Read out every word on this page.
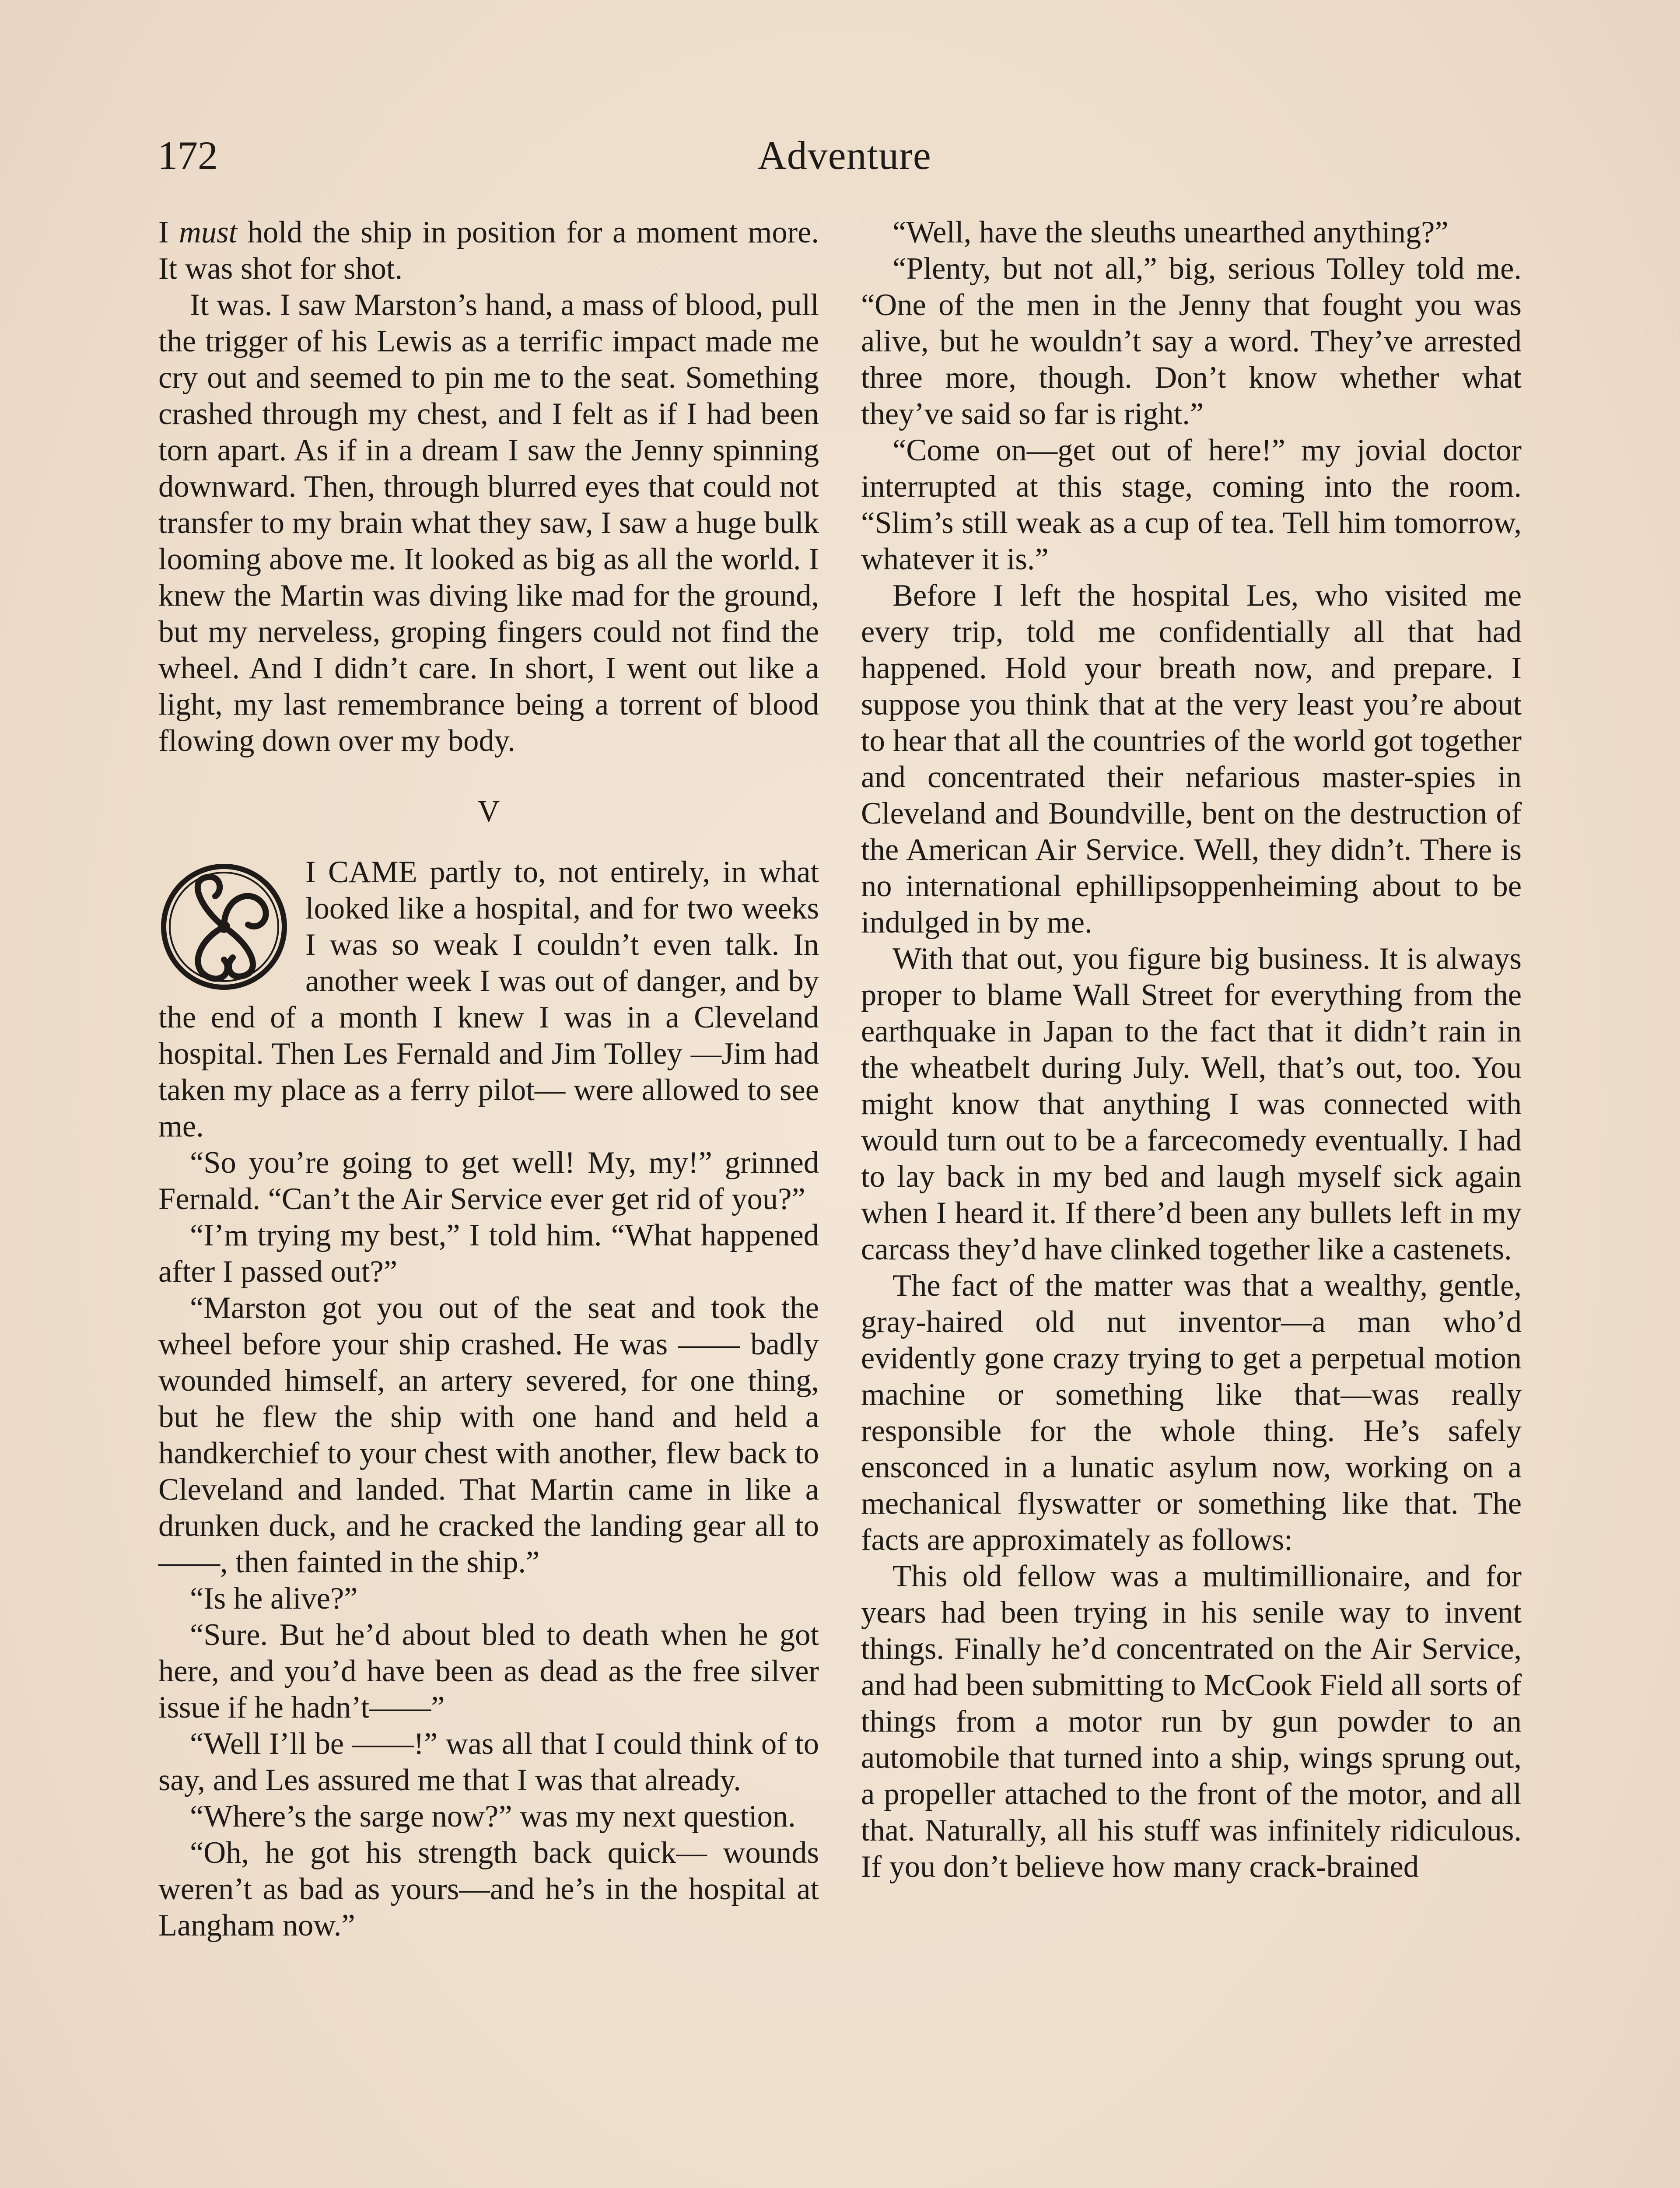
172	Adventure

I must hold the ship in position for a moment more. It was shot for shot.

It was. I saw Marston’s hand, a mass of blood, pull the trigger of his Lewis as a terrific impact made me cry out and seemed to pin me to the seat. Something crashed through my chest, and I felt as if I had been torn apart. As if in a dream I saw the Jenny spinning downward. Then, through blurred eyes that could not transfer to my brain what they saw, I saw a huge bulk looming above me. It looked as big as all the world. I knew the Martin was diving like mad for the ground, but my nerveless, groping fingers could not find the wheel. And I didn’t care. In short, I went out like a light, my last remembrance being a torrent of blood flowing down over my body.

V

I CAME partly to, not entirely, in what looked like a hospital, and for two weeks I was so weak I couldn’t even talk. In another week I was out of danger, and by the end of a month I knew I was in a Cleveland hospital. Then Les Fernald and Jim Tolley —Jim had taken my place as a ferry pilot— were allowed to see me.

“So you’re going to get well! My, my!” grinned Fernald. “Can’t the Air Service ever get rid of you?”

“I’m trying my best,” I told him. “What happened after I passed out?”

“Marston got you out of the seat and took the wheel before your ship crashed. He was —— badly wounded himself, an artery severed, for one thing, but he flew the ship with one hand and held a handkerchief to your chest with another, flew back to Cleveland and landed. That Martin came in like a drunken duck, and he cracked the landing gear all to ——, then fainted in the ship.”

“Is he alive?”

“Sure. But he’d about bled to death when he got here, and you’d have been as dead as the free silver issue if he hadn’t——”

“Well I’ll be ——!” was all that I could think of to say, and Les assured me that I was that already.

“Where’s the sarge now?” was my next question.

“Oh, he got his strength back quick— wounds weren’t as bad as yours—and he’s in the hospital at Langham now.”

“Well, have the sleuths unearthed anything?”

“Plenty, but not all,” big, serious Tolley told me. “One of the men in the Jenny that fought you was alive, but he wouldn’t say a word. They’ve arrested three more, though. Don’t know whether what they’ve said so far is right.”

“Come on—get out of here!” my jovial doctor interrupted at this stage, coming into the room. “Slim’s still weak as a cup of tea. Tell him tomorrow, whatever it is.”

Before I left the hospital Les, who visited me every trip, told me confidentially all that had happened. Hold your breath now, and prepare. I suppose you think that at the very least you’re about to hear that all the countries of the world got together and concentrated their nefarious master-spies in Cleveland and Boundville, bent on the destruction of the American Air Service. Well, they didn’t. There is no international ephillipsoppenheiming about to be indulged in by me.

With that out, you figure big business. It is always proper to blame Wall Street for everything from the earthquake in Japan to the fact that it didn’t rain in the wheatbelt during July. Well, that’s out, too. You might know that anything I was connected with would turn out to be a farcecomedy eventually. I had to lay back in my bed and laugh myself sick again when I heard it. If there’d been any bullets left in my carcass they’d have clinked together like a castenets.

The fact of the matter was that a wealthy, gentle, gray-haired old nut inventor—a man who’d evidently gone crazy trying to get a perpetual motion machine or something like that—was really responsible for the whole thing. He’s safely ensconced in a lunatic asylum now, working on a mechanical flyswatter or something like that. The facts are approximately as follows:

This old fellow was a multimillionaire, and for years had been trying in his senile way to invent things. Finally he’d concentrated on the Air Service, and had been submitting to McCook Field all sorts of things from a motor run by gun powder to an automobile that turned into a ship, wings sprung out, a propeller attached to the front of the motor, and all that. Naturally, all his stuff was infinitely ridiculous. If you don’t believe how many crack-brained
